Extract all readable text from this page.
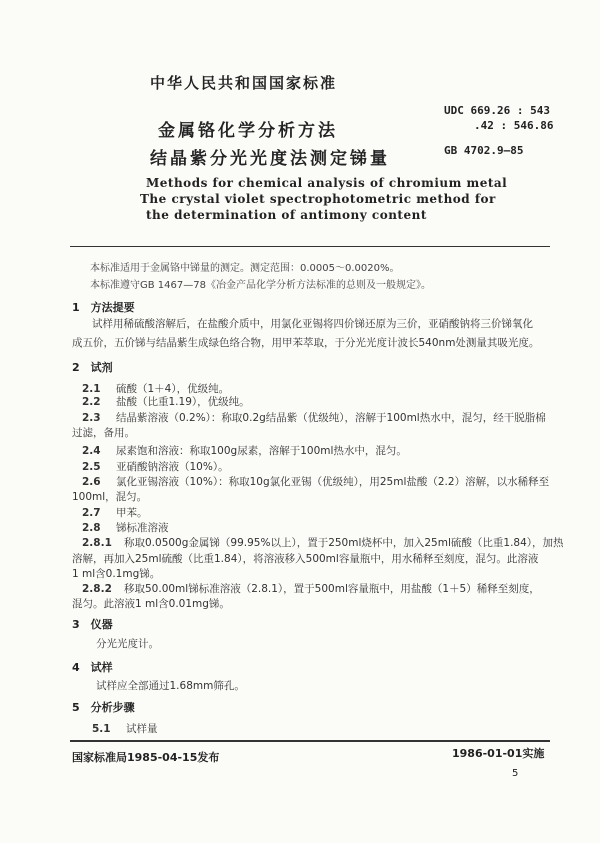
中华人民共和国国家标准
金属铬化学分析方法
结晶紫分光光度法测定锑量
UDC 669.26 : 543
.42 : 546.86
GB 4702.9—85
Methods for chemical analysis of chromium metal
The crystal violet spectrophotometric method for
the determination of antimony content
本标准适用于金属铬中锑量的测定。测定范围：0.0005～0.0020%。
本标准遵守GB 1467—78《冶金产品化学分析方法标准的总则及一般规定》。
1　方法提要
试样用稀硫酸溶解后，在盐酸介质中，用氯化亚锡将四价锑还原为三价，亚硝酸钠将三价锑氧化
成五价，五价锑与结晶紫生成绿色络合物，用甲苯萃取，于分光光度计波长540nm处测量其吸光度。
2　试剂
2.1 硫酸（1＋4），优级纯。
2.2 盐酸（比重1.19），优级纯。
2.3 结晶紫溶液（0.2%）：称取0.2g结晶紫（优级纯），溶解于100ml热水中，混匀，经干脱脂棉
过滤，备用。
2.4 尿素饱和溶液：称取100g尿素，溶解于100ml热水中，混匀。
2.5 亚硝酸钠溶液（10%）。
2.6 氯化亚锡溶液（10%）：称取10g氯化亚锡（优级纯），用25ml盐酸（2.2）溶解，以水稀释至
100ml，混匀。
2.7 甲苯。
2.8 锑标准溶液
2.8.1 称取0.0500g金属锑（99.95%以上），置于250ml烧杯中，加入25ml硫酸（比重1.84），加热
溶解，再加入25ml硫酸（比重1.84），将溶液移入500ml容量瓶中，用水稀释至刻度，混匀。此溶液
1 ml含0.1mg锑。
2.8.2 移取50.00ml锑标准溶液（2.8.1），置于500ml容量瓶中，用盐酸（1＋5）稀释至刻度，
混匀。此溶液1 ml含0.01mg锑。
3　仪器
分光光度计。
4　试样
试样应全部通过1.68mm筛孔。
5　分析步骤
5.1 试样量
国家标准局1985-04-15发布	1986-01-01实施
5
